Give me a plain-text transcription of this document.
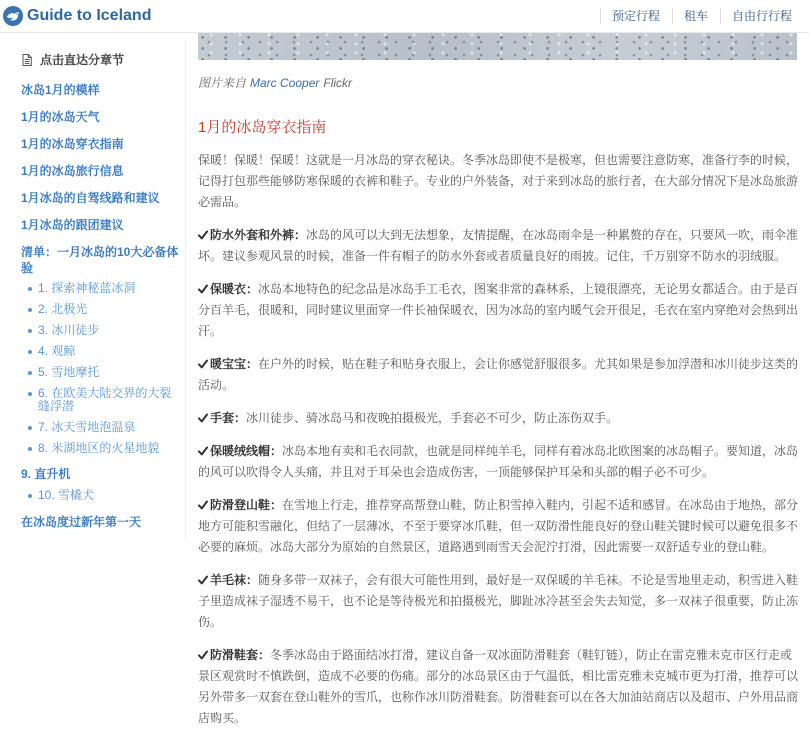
Guide to Iceland	预定行程	租车	自由行行程
点击直达分章节
冰岛1月的模样
1月的冰岛天气
1月的冰岛穿衣指南
1月的冰岛旅行信息
1月冰岛的自驾线路和建议
1月冰岛的跟团建议
清单：一月冰岛的10大必备体验
1. 探索神秘蓝冰洞
2. 北极光
3. 冰川徒步
4. 观鲸
5. 雪地摩托
6. 在欧美大陆交界的大裂缝浮潜
7. 冰天雪地泡温泉
8. 米湖地区的火星地貌
9. 直升机
10. 雪橇犬
在冰岛度过新年第一天
图片来自 Marc Cooper Flickr
1月的冰岛穿衣指南

保暖！保暖！保暖！这就是一月冰岛的穿衣秘诀。冬季冰岛即使不是极寒，但也需要注意防寒，准备行李的时候，记得打包那些能够防寒保暖的衣裤和鞋子。专业的户外装备，对于来到冰岛的旅行者，在大部分情况下是冰岛旅游必需品。

防水外套和外裤：冰岛的风可以大到无法想象，友情提醒，在冰岛雨伞是一种累赘的存在，只要风一吹，雨伞准坏。建议参观风景的时候，准备一件有帽子的防水外套或者质量良好的雨披。记住，千万别穿不防水的羽绒服。

保暖衣：冰岛本地特色的纪念品是冰岛手工毛衣，图案非常的森林系，上镜很漂亮，无论男女都适合。由于是百分百羊毛，很暖和，同时建议里面穿一件长袖保暖衣，因为冰岛的室内暖气会开很足，毛衣在室内穿绝对会热到出汗。

暖宝宝：在户外的时候，贴在鞋子和贴身衣服上，会让你感觉舒服很多。尤其如果是参加浮潜和冰川徒步这类的活动。

手套：冰川徒步、骑冰岛马和夜晚拍摄极光，手套必不可少，防止冻伤双手。

保暖绒线帽：冰岛本地有卖和毛衣同款，也就是同样纯羊毛，同样有着冰岛北欧图案的冰岛帽子。要知道，冰岛的风可以吹得令人头痛，并且对于耳朵也会造成伤害，一顶能够保护耳朵和头部的帽子必不可少。

防滑登山鞋：在雪地上行走，推荐穿高帮登山鞋，防止积雪掉入鞋内，引起不适和感冒。在冰岛由于地热，部分地方可能积雪融化，但结了一层薄冰，不至于要穿冰爪鞋，但一双防滑性能良好的登山鞋关键时候可以避免很多不必要的麻烦。冰岛大部分为原始的自然景区，道路遇到雨雪天会泥泞打滑，因此需要一双舒适专业的登山鞋。

羊毛袜：随身多带一双袜子，会有很大可能性用到，最好是一双保暖的羊毛袜。不论是雪地里走动，积雪进入鞋子里造成袜子湿透不易干，也不论是等待极光和拍摄极光，脚趾冰冷甚至会失去知觉，多一双袜子很重要，防止冻伤。

防滑鞋套：冬季冰岛由于路面结冰打滑，建议自备一双冰面防滑鞋套（鞋钉链），防止在雷克雅未克市区行走或景区观赏时不慎跌倒，造成不必要的伤痛。部分的冰岛景区由于气温低，相比雷克雅未克城市更为打滑，推荐可以另外带多一双套在登山鞋外的雪爪，也称作冰川防滑鞋套。防滑鞋套可以在各大加油站商店以及超市、户外用品商店购买。
